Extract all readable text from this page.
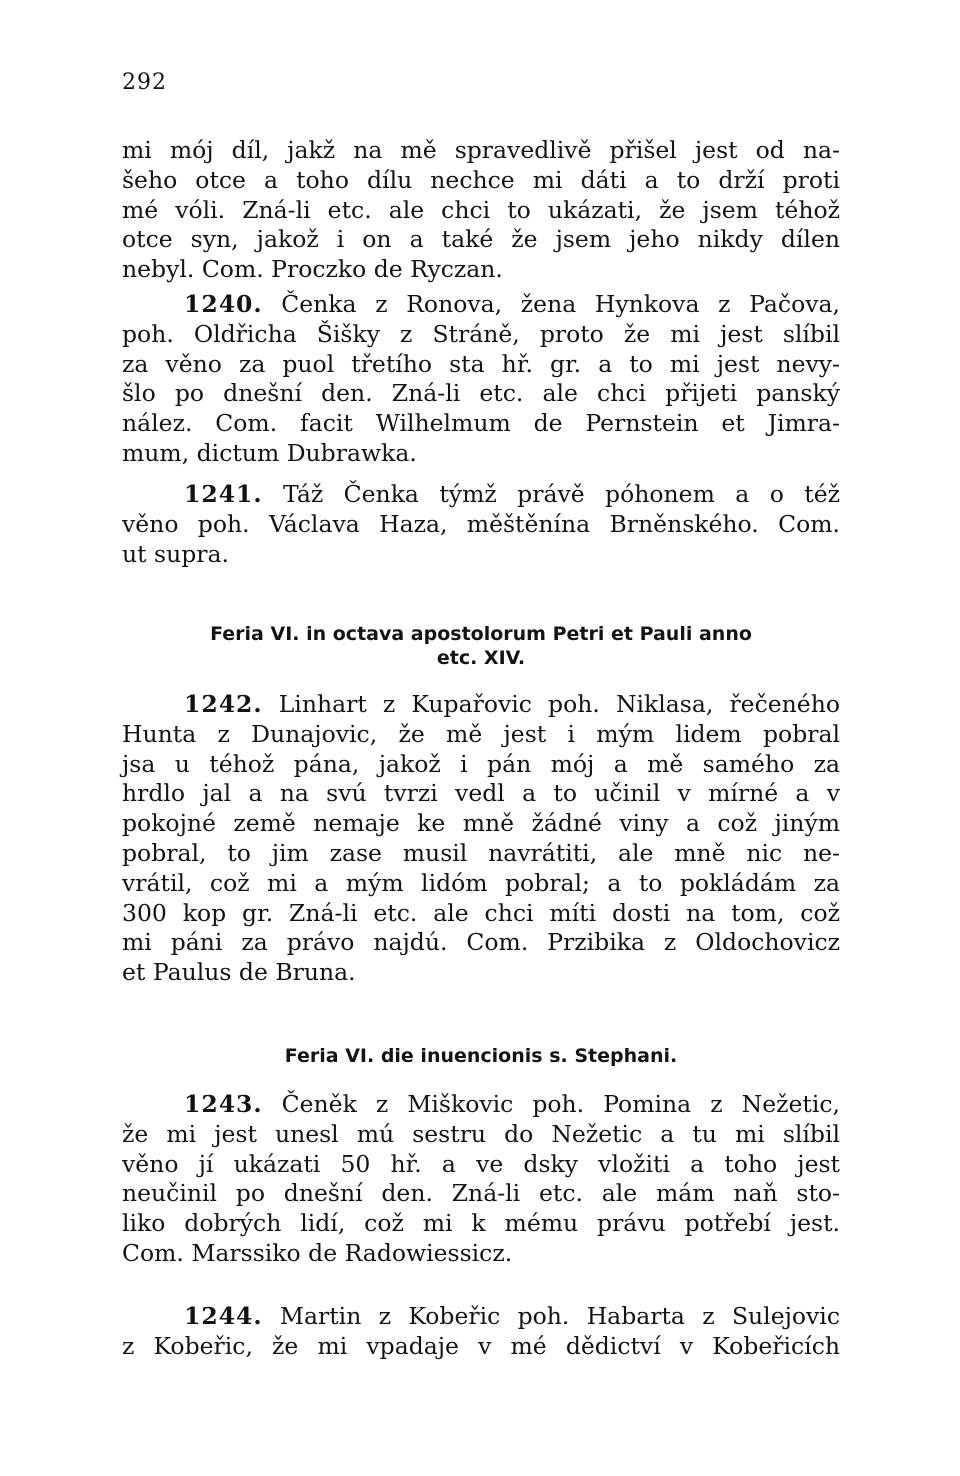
292
mi mój díl, jakž na mě spravedlivě přišel jest od na-
šeho otce a toho dílu nechce mi dáti a to drží proti
mé vóli. Zná-li etc. ale chci to ukázati, že jsem téhož
otce syn, jakož i on a také že jsem jeho nikdy dílen
nebyl. Com. Proczko de Ryczan.
1240. Čenka z Ronova, žena Hynkova z Pačova,
poh. Oldřicha Šišky z Stráně, proto že mi jest slíbil
za věno za puol třetího sta hř. gr. a to mi jest nevy-
šlo po dnešní den. Zná-li etc. ale chci přijeti panský
nález. Com. facit Wilhelmum de Pernstein et Jimra-
mum, dictum Dubrawka.
1241. Táž Čenka týmž právě póhonem a o též
věno poh. Václava Haza, měštěnína Brněnského. Com.
ut supra.
Feria VI. in octava apostolorum Petri et Pauli anno
etc. XIV.
1242. Linhart z Kupařovic poh. Niklasa, řečeného
Hunta z Dunajovic, že mě jest i mým lidem pobral
jsa u téhož pána, jakož i pán mój a mě samého za
hrdlo jal a na svú tvrzi vedl a to učinil v mírné a v
pokojné země nemaje ke mně žádné viny a což jiným
pobral, to jim zase musil navrátiti, ale mně nic ne-
vrátil, což mi a mým lidóm pobral; a to pokládám za
300 kop gr. Zná-li etc. ale chci míti dosti na tom, což
mi páni za právo najdú. Com. Przibika z Oldochovicz
et Paulus de Bruna.
Feria VI. die inuencionis s. Stephani.
1243. Čeněk z Miškovic poh. Pomina z Nežetic,
že mi jest unesl mú sestru do Nežetic a tu mi slíbil
věno jí ukázati 50 hř. a ve dsky vložiti a toho jest
neučinil po dnešní den. Zná-li etc. ale mám naň sto-
liko dobrých lidí, což mi k mému právu potřebí jest.
Com. Marssiko de Radowiessicz.
1244. Martin z Kobeřic poh. Habarta z Sulejovic
z Kobeřic, že mi vpadaje v mé dědictví v Kobeřicích
